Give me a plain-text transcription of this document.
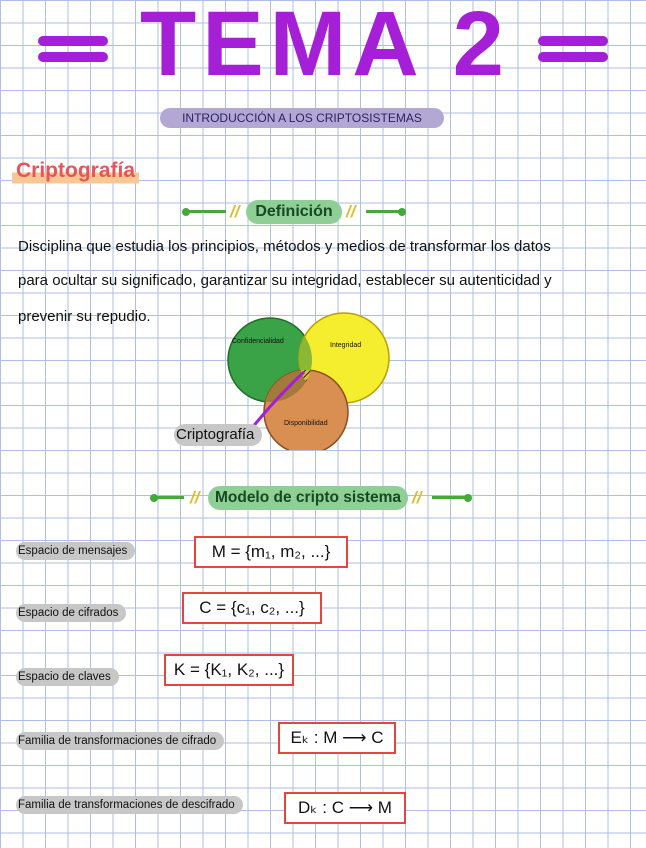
TEMA 2
INTRODUCCIÓN A LOS CRIPTOSISTEMAS
Criptografía
// Definición //
Disciplina que estudia los principios, métodos y medios de transformar los datos
para ocultar su significado, garantizar su integridad, establecer su autenticidad y
prevenir su repudio.
Confidencialidad
Integridad
Disponibilidad
Criptografía
//	Modelo de cripto sistema //
Espacio de mensajes	M = {m₁, m₂, ...}
Espacio de cifrados	C = {c₁, c₂, ...}
Espacio de claves	K = {K₁, K₂, ...}
Familia de transformaciones de cifrado	Eₖ : M ⟶ C
Familia de transformaciones de descifrado	Dₖ : C ⟶ M
